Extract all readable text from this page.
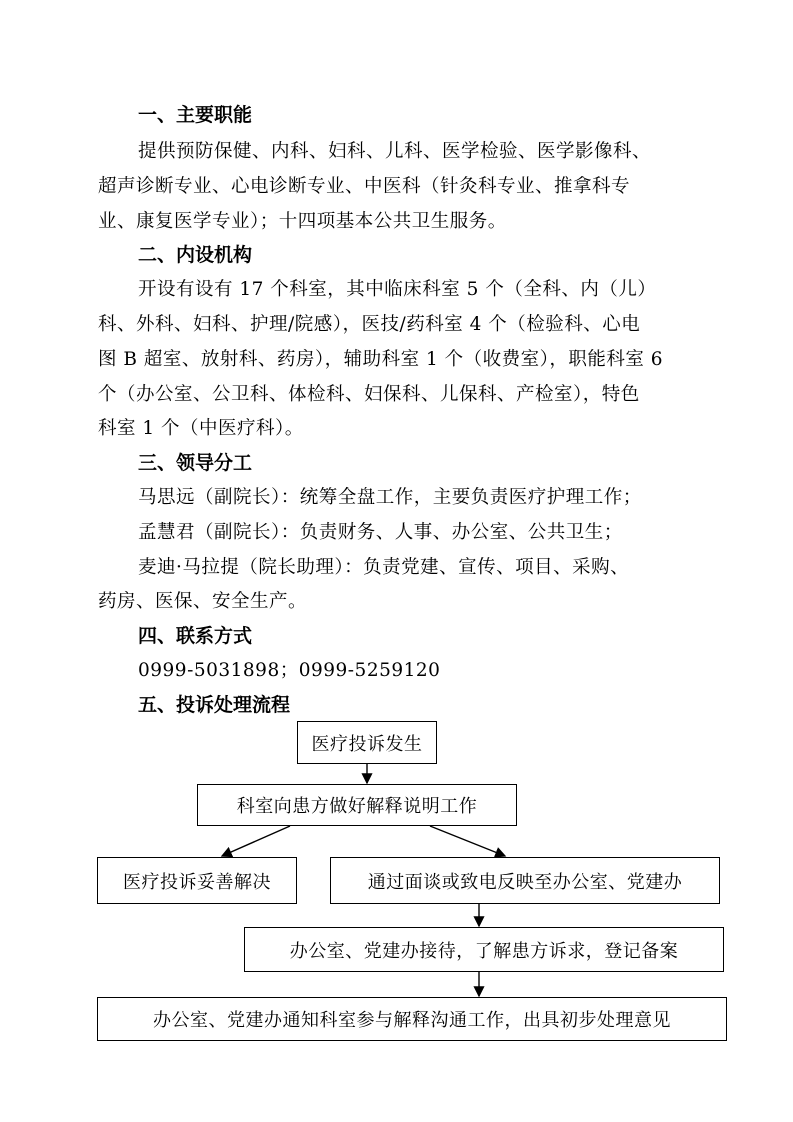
一、主要职能
提供预防保健、内科、妇科、儿科、医学检验、医学影像科、
超声诊断专业、心电诊断专业、中医科（针灸科专业、推拿科专
业、康复医学专业）；十四项基本公共卫生服务。
二、内设机构
开设有设有 17 个科室，其中临床科室 5 个（全科、内（儿）
科、外科、妇科、护理/院感），医技/药科室 4 个（检验科、心电
图 B 超室、放射科、药房），辅助科室 1 个（收费室），职能科室 6
个（办公室、公卫科、体检科、妇保科、儿保科、产检室），特色
科室 1 个（中医疗科）。
三、领导分工
马思远（副院长）：统筹全盘工作，主要负责医疗护理工作；
孟慧君（副院长）：负责财务、人事、办公室、公共卫生；
麦迪·马拉提（院长助理）：负责党建、宣传、项目、采购、
药房、医保、安全生产。
四、联系方式
0999-5031898；0999-5259120
五、投诉处理流程
医疗投诉发生
科室向患方做好解释说明工作
医疗投诉妥善解决	通过面谈或致电反映至办公室、党建办
办公室、党建办接待，了解患方诉求，登记备案
办公室、党建办通知科室参与解释沟通工作，出具初步处理意见
